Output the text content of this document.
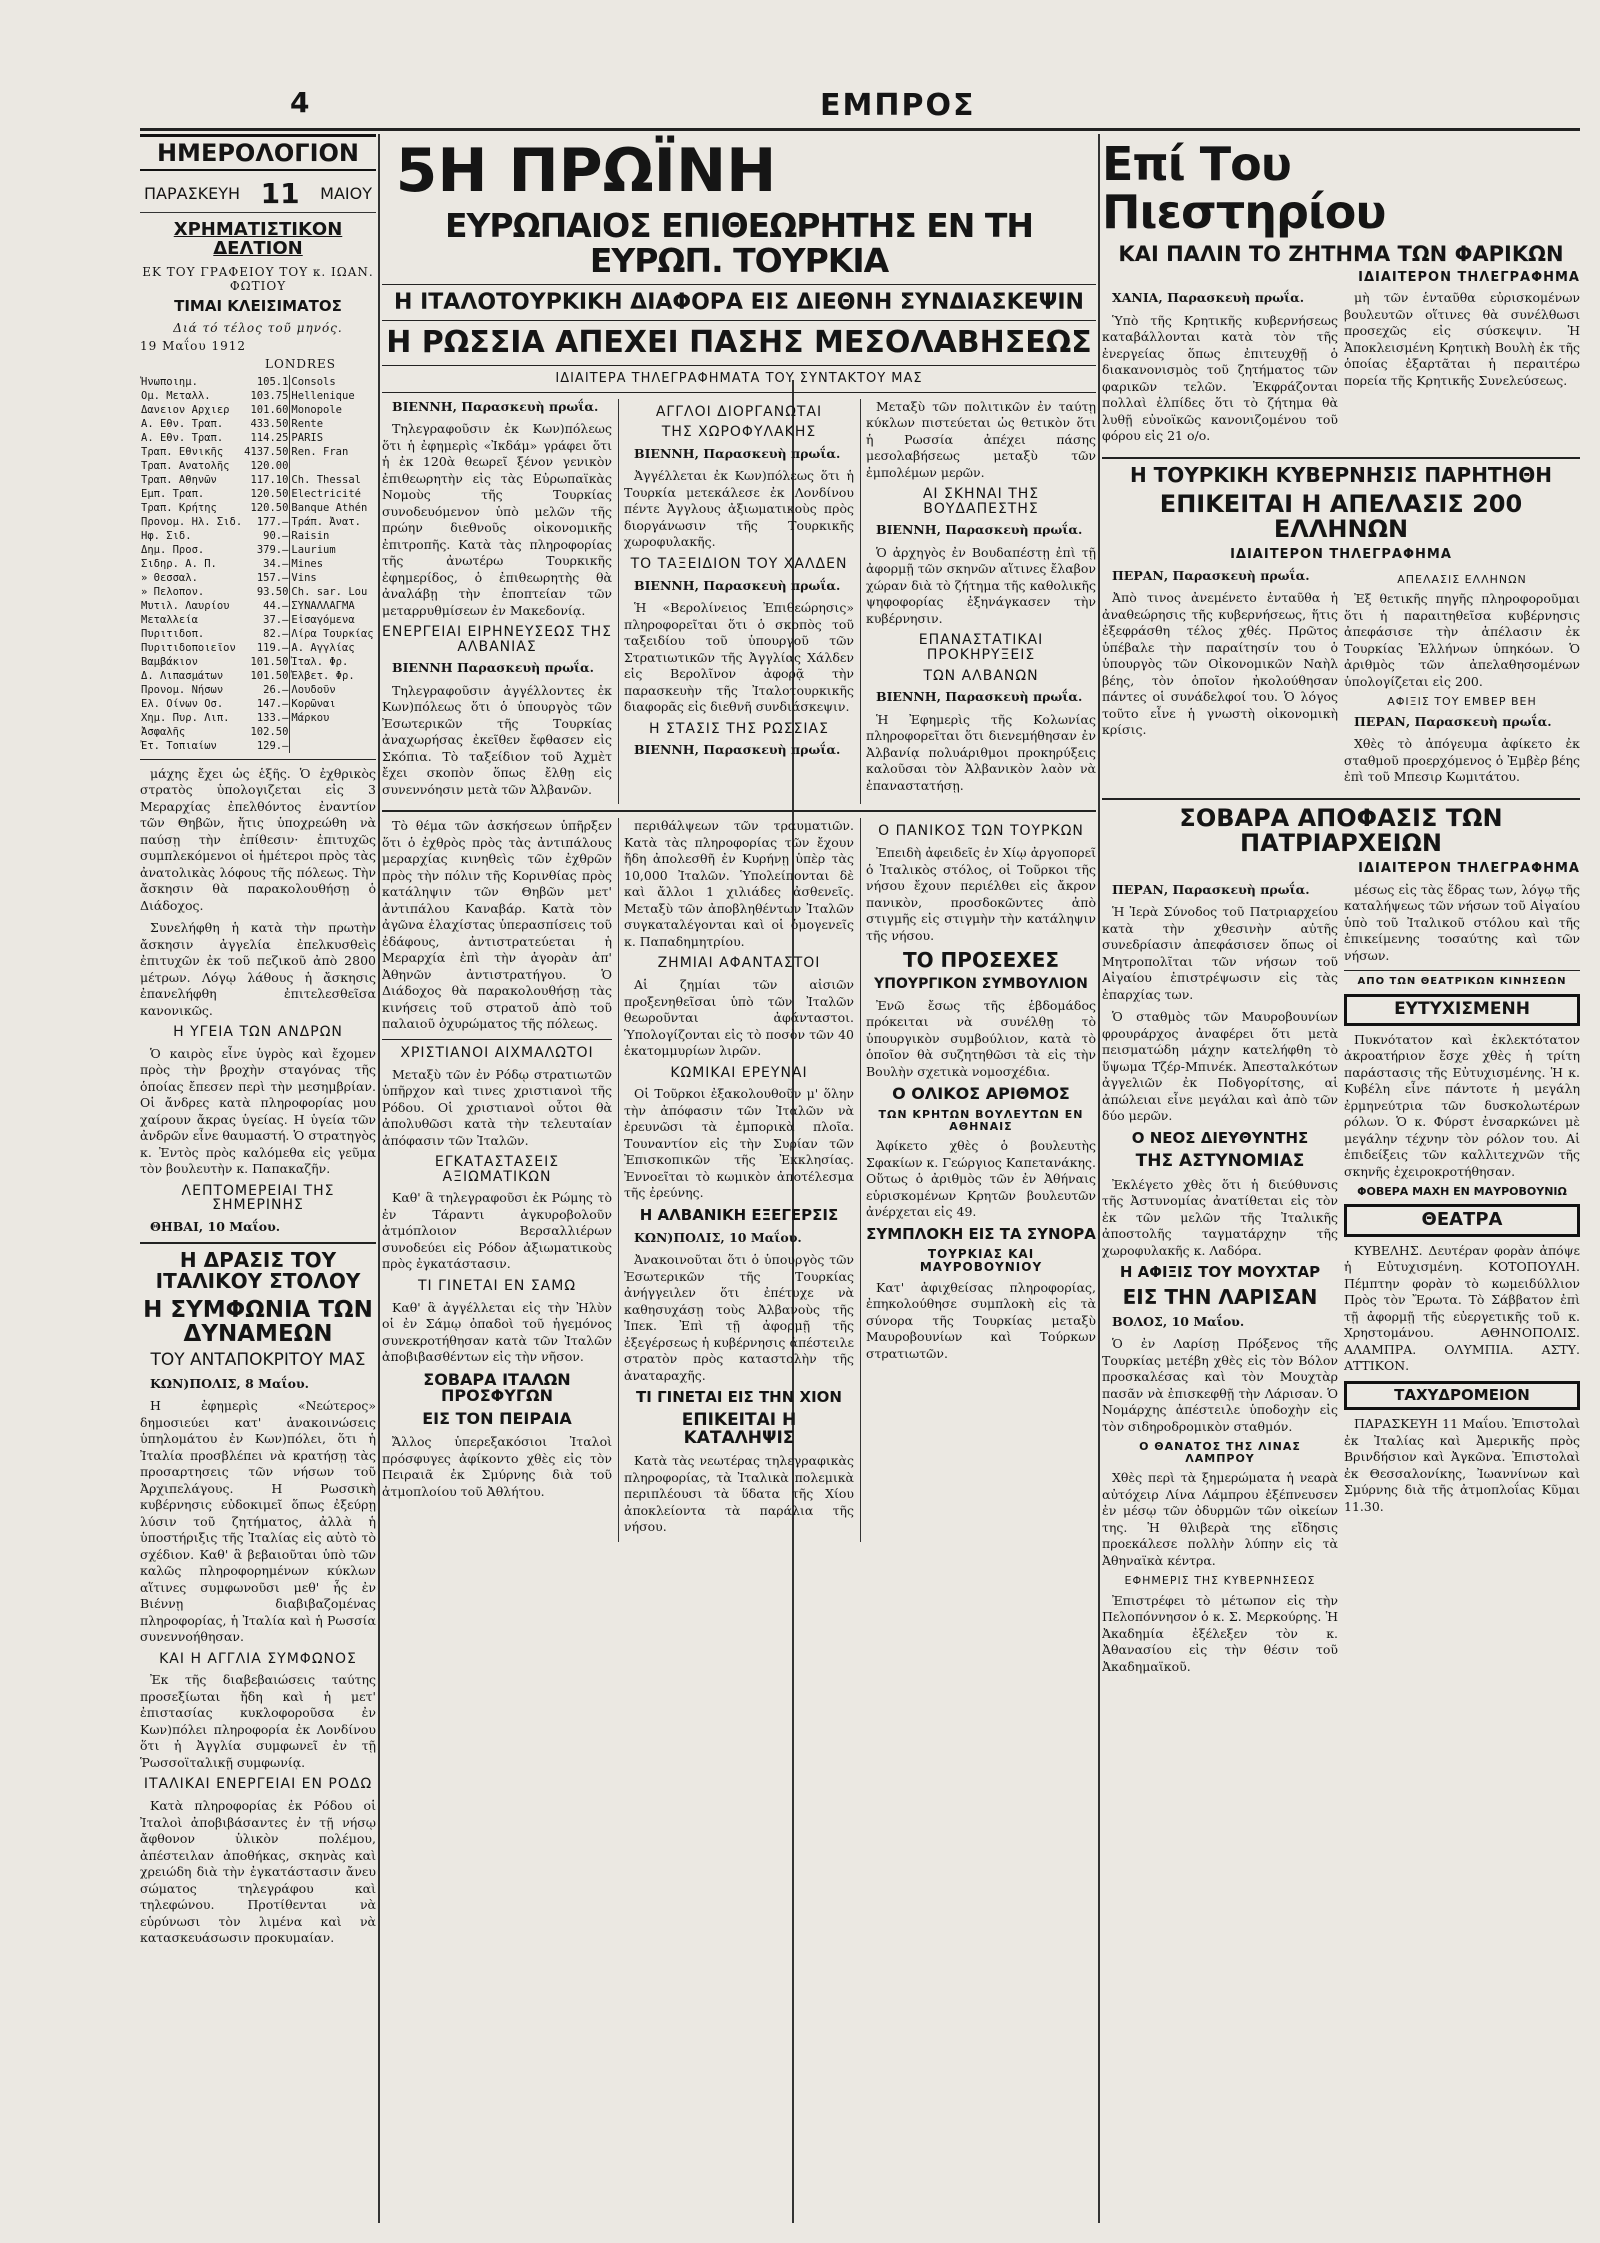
4	ΕΜΠΡΟΣ
ΗΜΕΡΟΛΟΓΙΟΝ
ΠΑΡΑΣΚΕΥΗ 11 ΜΑΙΟΥ
ΧΡΗΜΑΤΙΣΤΙΚΟΝ ΔΕΛΤΙΟΝ
ΕΚ ΤΟΥ ΓΡΑΦΕΙΟΥ ΤΟΥ κ. ΙΩΑΝ. ΦΩΤΙΟΥ
ΤΙΜΑΙ ΚΛΕΙΣΙΜΑΤΟΣ
Διά τό τέλος τοῦ μηνός.
19 Μαΐου 1912
LONDRES
Ἡνωποιημ.	105.1		Consols	
Ομ. Μεταλλ.	103.75		Hellenique	
Δανειον Αρχιερ	101.60		Monopole	
Α. Εθν. Τραπ.	433.50		Rente	
Α. Εθν. Τραπ.	114.25		PARIS	
Τραπ. Εθνικῆς	4137.50		Ren. Fran	
Τραπ. Ανατολῆς	120.00			
Τραπ. Αθηνῶν	117.10		Ch. Thessal	
Εμπ. Τραπ.	120.50		Electricité	
Τραπ. Κρήτης	120.50		Banque Athén	
Προνομ. Ηλ. Σιδ.	177.—		Τράπ. Ἀνατ.	
Ηφ. Σιδ.	90.—		Raisin	
Δημ. Προσ.	379.—		Laurium	
Σιδηρ. Α. Π.	34.—		Mines	
» Θεσσαλ.	157.—		Vins	
» Πελοπον.	93.50		Ch. sar. Lou	
Μυτιλ. Λαυρίου	44.—		ΣΥΝΑΛΛΑΓΜΑ	
Μεταλλεία	37.—		Εἰσαγόμενα	
Πυριτιδοπ.	82.—		Λίρα Τουρκίας	
Πυριτιδοποιεῖον	119.—		Α. Αγγλίας	
Βαμβάκιον	101.50		Ἰταλ. Φρ.	
Δ. Λιπασμάτων	101.50		Ἐλβετ. Φρ.	
Προνομ. Νήσων	26.—		Λουδοῦν	
Ελ. Οίνων Οσ.	147.—		Κορῶναι	
Χημ. Πυρ. Λιπ.	133.—		Μάρκου	
Ἀσφαλῆς	102.50			
Ἐτ. Τοπιαίων	129.—			

μάχης ἔχει ὡς ἑξῆς. Ὁ ἐχθρικὸς στρατὸς ὑπολογιζεται εἰς 3 Μεραρχίας ἐπελθόντος ἐναντίον τῶν Θηβῶν, ἤτις ὑποχρεώθη νὰ παύσῃ τὴν ἐπίθεσιν· ἐπιτυχῶς συμπλεκόμενοι οἱ ἡμέτεροι πρὸς τὰς ἀνατολικὰς λόφους τῆς πόλεως. Τὴν ἄσκησιν θὰ παρακολουθήσῃ ὁ Διάδοχος.

Συνελήφθη ἡ κατὰ τὴν πρωτὴν ἄσκησιν ἀγγελία ἐπελκυσθεὶς ἐπιτυχῶν ἐκ τοῦ πεζικοῦ ἀπὸ 2800 μέτρων. Λόγῳ λάθους ἡ ἄσκησις ἐπανελήφθη ἐπιτελεσθεῖσα κανονικῶς.

Η ΥΓΕΙΑ ΤΩΝ ΑΝΔΡΩΝ

Ὁ καιρὸς εἶνε ὑγρὸς καὶ ἔχομεν πρὸς τὴν βροχὴν σταγόνας τῆς ὁποίας ἔπεσεν περὶ τὴν μεσημβρίαν. Οἱ ἄνδρες κατὰ πληροφορίας μου χαίρουν ἄκρας ὑγείας. Η ὑγεία τῶν ἀνδρῶν εἶνε θαυμαστή. Ὁ στρατηγὸς κ. Ἐντὸς πρὸς καλόμεθα εἰς γεῦμα τὸν βουλευτὴν κ. Παπακαζῆν.

ΛΕΠΤΟΜΕΡΕΙΑΙ ΤΗΣ ΣΗΜΕΡΙΝΗΣ

ΘΗΒΑΙ, 10 Μαΐου.

Η ΔΡΑΣΙΣ ΤΟΥ ΙΤΑΛΙΚΟΥ ΣΤΟΛΟΥ
Η ΣΥΜΦΩΝΙΑ ΤΩΝ ΔΥΝΑΜΕΩΝ
ΤΟΥ ΑΝΤΑΠΟΚΡΙΤΟΥ ΜΑΣ

ΚΩΝ)ΠΟΛΙΣ, 8 Μαΐου.

Η ἐφημερὶς «Νεώτερος» δημοσιεύει κατ' ἀνακοινώσεις ὑπηλομάτου ἐν Κων)πόλει, ὅτι ἡ Ἰταλία προσβλέπει νὰ κρατήσῃ τὰς προσαρτησεις τῶν νήσων τοῦ Ἀρχιπελάγους. Η Ρωσσικὴ κυβέρνησις εὐδοκιμεῖ ὅπως ἐξεύρῃ λύσιν τοῦ ζητήματος, ἀλλὰ ἡ ὑποστήριξις τῆς Ἰταλίας εἰς αὐτὸ τὸ σχέδιον. Καθ' ἃ βεβαιοῦται ὑπὸ τῶν καλῶς πληροφορημένων κύκλων αἵτινες συμφωνοῦσι μεθ' ἧς ἐν Βιέννῃ διαβιβαζομένας πληροφορίας, ἡ Ἰταλία καὶ ἡ Ρωσσία συνεννοήθησαν.

ΚΑΙ Η ΑΓΓΛΙΑ ΣΥΜΦΩΝΟΣ

Ἐκ τῆς διαβεβαιώσεις ταύτης προσεξίωται ἤδη καὶ ἡ μετ' ἐπιστασίας κυκλοφοροῦσα ἐν Κων)πόλει πληροφορία ἐκ Λονδίνου ὅτι ἡ Ἀγγλία συμφωνεῖ ἐν τῇ Ῥωσσοϊταλικῇ συμφωνίᾳ.

ΙΤΑΛΙΚΑΙ ΕΝΕΡΓΕΙΑΙ ΕΝ ΡΟΔΩ

Κατὰ πληροφορίας ἐκ Ρόδου οἱ Ἰταλοὶ ἀποβιβάσαντες ἐν τῇ νήσῳ ἄφθονον ὑλικὸν πολέμου, ἀπέστειλαν ἀποθήκας, σκηνὰς καὶ χρειώδη διὰ τὴν ἐγκατάστασιν ἄνευ σώματος τηλεγράφου καὶ τηλεφώνου. Προτίθενται νὰ εὑρύνωσι τὸν λιμένα καὶ νὰ κατασκευάσωσιν προκυμαίαν.

5Η ΠΡΩΪΝΗ
ΕΥΡΩΠΑΙΟΣ ΕΠΙΘΕΩΡΗΤΗΣ ΕΝ ΤΗ ΕΥΡΩΠ. ΤΟΥΡΚΙΑ
Η ΙΤΑΛΟΤΟΥΡΚΙΚΗ ΔΙΑΦΟΡΑ ΕΙΣ ΔΙΕΘΝΗ ΣΥΝΔΙΑΣΚΕΨΙΝ
Η ΡΩΣΣΙΑ ΑΠΕΧΕΙ ΠΑΣΗΣ ΜΕΣΟΛΑΒΗΣΕΩΣ
ΙΔΙΑΙΤΕΡΑ ΤΗΛΕΓΡΑΦΗΜΑΤΑ ΤΟΥ ΣΥΝΤΑΚΤΟΥ ΜΑΣ

ΒΙΕΝΝΗ, Παρασκευὴ πρωΐα.

Τηλεγραφοῦσιν ἐκ Κων)πόλεως ὅτι ἡ ἐφημερὶς «Ἰκδάμ» γράφει ὅτι ἡ ἐκ 120ὰ θεωρεῖ ξένον γενικὸν ἐπιθεωρητὴν εἰς τὰς Εὐρωπαϊκὰς Νομοὺς τῆς Τουρκίας συνοδευόμενον ὑπὸ μελῶν τῆς πρώην διεθνοῦς οἰκονομικῆς ἐπιτροπῆς. Κατὰ τὰς πληροφορίας τῆς ἀνωτέρω Τουρκικῆς ἐφημερίδος, ὁ ἐπιθεωρητὴς θὰ ἀναλάβῃ τὴν ἐποπτείαν τῶν μεταρρυθμίσεων ἐν Μακεδονίᾳ.

ΕΝΕΡΓΕΙΑΙ ΕΙΡΗΝΕΥΣΕΩΣ ΤΗΣ ΑΛΒΑΝΙΑΣ

ΒΙΕΝΝΗ Παρασκευὴ πρωΐα.

Τηλεγραφοῦσιν ἀγγέλλοντες ἐκ Κων)πόλεως ὅτι ὁ ὑπουργὸς τῶν Ἐσωτερικῶν τῆς Τουρκίας ἀναχωρήσας ἐκεῖθεν ἔφθασεν εἰς Σκόπια. Τὸ ταξείδιον τοῦ Ἀχμὲτ ἔχει σκοπὸν ὅπως ἔλθῃ εἰς συνεννόησιν μετὰ τῶν Ἀλβανῶν.

ΑΓΓΛΟΙ ΔΙΟΡΓΑΝΩΤΑΙ
ΤΗΣ ΧΩΡΟΦΥΛΑΚΗΣ

ΒΙΕΝΝΗ, Παρασκευὴ πρωΐα.

Ἀγγέλλεται ἐκ Κων)πόλεως ὅτι ἡ Τουρκία μετεκάλεσε ἐκ Λονδίνου πέντε Ἀγγλους ἀξιωματικοὺς πρὸς διοργάνωσιν τῆς Τουρκικῆς χωροφυλακῆς.

ΤΟ ΤΑΞΕΙΔΙΟΝ ΤΟΥ ΧΑΛΔΕΝ

ΒΙΕΝΝΗ, Παρασκευὴ πρωΐα.

Ἡ «Βερολίνειος Ἐπιθεώρησις» πληροφορεῖται ὅτι ὁ σκοπὸς τοῦ ταξειδίου τοῦ ὑπουργοῦ τῶν Στρατιωτικῶν τῆς Ἀγγλίας Χάλδεν εἰς Βερολῖνον ἀφορᾷ τὴν παρασκευὴν τῆς Ἰταλοτουρκικῆς διαφορᾶς εἰς διεθνῆ συνδιάσκεψιν.

Η ΣΤΑΣΙΣ ΤΗΣ ΡΩΣΣΙΑΣ

ΒΙΕΝΝΗ, Παρασκευὴ πρωΐα.

Μεταξὺ τῶν πολιτικῶν ἐν ταύτῃ κύκλων πιστεύεται ὡς θετικὸν ὅτι ἡ Ρωσσία ἀπέχει πάσης μεσολαβήσεως μεταξὺ τῶν ἐμπολέμων μερῶν.

ΑΙ ΣΚΗΝΑΙ ΤΗΣ ΒΟΥΔΑΠΕΣΤΗΣ

ΒΙΕΝΝΗ, Παρασκευὴ πρωΐα.

Ὁ ἀρχηγὸς ἐν Βουδαπέστῃ ἐπὶ τῇ ἀφορμῇ τῶν σκηνῶν αἵτινες ἔλαβον χώραν διὰ τὸ ζήτημα τῆς καθολικῆς ψηφοφορίας ἐξηνάγκασεν τὴν κυβέρνησιν.

ΕΠΑΝΑΣΤΑΤΙΚΑΙ ΠΡΟΚΗΡΥΞΕΙΣ
ΤΩΝ ΑΛΒΑΝΩΝ

ΒΙΕΝΝΗ, Παρασκευὴ πρωΐα.

Ἡ Ἐφημερὶς τῆς Κολωνίας πληροφορεῖται ὅτι διενεμήθησαν ἐν Ἀλβανίᾳ πολυάριθμοι προκηρύξεις καλοῦσαι τὸν Ἀλβανικὸν λαὸν νὰ ἐπαναστατήσῃ.

Τὸ θέμα τῶν ἀσκήσεων ὑπῆρξεν ὅτι ὁ ἐχθρὸς πρὸς τὰς ἀντιπάλους μεραρχίας κινηθεὶς τῶν ἐχθρῶν πρὸς τὴν πόλιν τῆς Κορινθίας πρὸς κατάληψιν τῶν Θηβῶν μετ' ἀντιπάλου Καναβάρ. Κατὰ τὸν ἀγῶνα ἐλαχίστας ὑπερασπίσεις τοῦ ἐδάφους, ἀντιστρατεύεται ἡ Μεραρχία ἐπὶ τὴν ἀγορὰν ἀπ' Ἀθηνῶν ἀντιστρατήγου. Ὁ Διάδοχος θὰ παρακολουθήσῃ τὰς κινήσεις τοῦ στρατοῦ ἀπὸ τοῦ παλαιοῦ ὀχυρώματος τῆς πόλεως.

ΧΡΙΣΤΙΑΝΟΙ ΑΙΧΜΑΛΩΤΟΙ

Μεταξὺ τῶν ἐν Ρόδῳ στρατιωτῶν ὑπῆρχον καὶ τινες χριστιανοὶ τῆς Ρόδου. Οἱ χριστιανοὶ οὗτοι θὰ ἀπολυθῶσι κατὰ τὴν τελευταίαν ἀπόφασιν τῶν Ἰταλῶν.

ΕΓΚΑΤΑΣΤΑΣΕΙΣ ΑΞΙΩΜΑΤΙΚΩΝ

Καθ' ἃ τηλεγραφοῦσι ἐκ Ρώμης τὸ ἐν Τάραντι ἀγκυροβολοῦν ἀτμόπλοιον Βερσαλλιέρων συνοδεύει εἰς Ρόδον ἀξιωματικοὺς πρὸς ἐγκατάστασιν.

ΤΙ ΓΙΝΕΤΑΙ ΕΝ ΣΑΜΩ

Καθ' ἃ ἀγγέλλεται εἰς τὴν Ἠλὺν οἱ ἐν Σάμῳ ὀπαδοὶ τοῦ ἡγεμόνος συνεκροτήθησαν κατὰ τῶν Ἰταλῶν ἀποβιβασθέντων εἰς τὴν νῆσον.

ΣΟΒΑΡΑ ΙΤΑΛΩΝ ΠΡΟΣΦΥΓΩΝ
ΕΙΣ ΤΟΝ ΠΕΙΡΑΙΑ

Ἄλλος ὑπερεξακόσιοι Ἰταλοὶ πρόσφυγες ἀφίκοντο χθὲς εἰς τὸν Πειραιᾶ ἐκ Σμύρνης διὰ τοῦ ἀτμοπλοίου τοῦ Ἀθλήτου.

περιθάλψεων τῶν τραυματιῶν. Κατὰ τὰς πληροφορίας τῶν ἔχουν ἤδη ἀπολεσθῆ ἐν Κυρήνῃ ὑπὲρ τὰς 10,000 Ἰταλῶν. Ὑπολείπονται δὲ καὶ ἄλλοι 1 χιλιάδες ἀσθενεῖς. Μεταξὺ τῶν ἀποβληθέντων Ἰταλῶν συγκαταλέγονται καὶ οἱ ὁμογενεῖς κ. Παπαδημητρίου.

ΖΗΜΙΑΙ ΑΦΑΝΤΑΣΤΟΙ

Αἱ ζημίαι τῶν αἰσιῶν προξενηθεῖσαι ὑπὸ τῶν Ἰταλῶν θεωροῦνται ἀφάνταστοι. Ὑπολογίζονται εἰς τὸ ποσὸν τῶν 40 ἑκατομμυρίων λιρῶν.

ΚΩΜΙΚΑΙ ΕΡΕΥΝΑΙ

Οἱ Τοῦρκοι ἐξακολουθοῦν μ' ὅλην τὴν ἀπόφασιν τῶν Ἰταλῶν νὰ ἐρευνῶσι τὰ ἐμπορικὰ πλοῖα. Τουναντίον εἰς τὴν Συρίαν τῶν Ἐπισκοπικῶν τῆς Ἐκκλησίας. Ἐννοεῖται τὸ κωμικὸν ἀποτέλεσμα τῆς ἐρεύνης.

Η ΑΛΒΑΝΙΚΗ ΕΞΕΓΕΡΣΙΣ

ΚΩΝ)ΠΟΛΙΣ, 10 Μαΐου.

Ἀνακοινοῦται ὅτι ὁ ὑπουργὸς τῶν Ἐσωτερικῶν τῆς Τουρκίας ἀνήγγειλεν ὅτι ἐπέτυχε νὰ καθησυχάσῃ τοὺς Ἀλβανοὺς τῆς Ἰπεκ. Ἐπὶ τῇ ἀφορμῇ τῆς ἐξεγέρσεως ἡ κυβέρνησις ἀπέστειλε στρατὸν πρὸς καταστολὴν τῆς ἀναταραχῆς.

ΤΙ ΓΙΝΕΤΑΙ ΕΙΣ ΤΗΝ ΧΙΟΝ
ΕΠΙΚΕΙΤΑΙ Η ΚΑΤΑΛΗΨΙΣ

Κατὰ τὰς νεωτέρας τηλεγραφικὰς πληροφορίας, τὰ Ἰταλικὰ πολεμικὰ περιπλέουσι τὰ ὕδατα τῆς Χίου ἀποκλείοντα τὰ παράλια τῆς νήσου.

Ο ΠΑΝΙΚΟΣ ΤΩΝ ΤΟΥΡΚΩΝ

Ἐπειδὴ ἀφειδεῖς ἐν Χίῳ ἀργοπορεῖ ὁ Ἰταλικὸς στόλος, οἱ Τοῦρκοι τῆς νήσου ἔχουν περιέλθει εἰς ἄκρον πανικὸν, προσδοκῶντες ἀπὸ στιγμῆς εἰς στιγμὴν τὴν κατάληψιν τῆς νήσου.

ΤΟ ΠΡΟΣΕΧΕΣ
ΥΠΟΥΡΓΙΚΟΝ ΣΥΜΒΟΥΛΙΟΝ

Ἐνῶ ἔσως τῆς ἑβδομάδος πρόκειται νὰ συνέλθῃ τὸ ὑπουργικὸν συμβούλιον, κατὰ τὸ ὁποῖον θὰ συζητηθῶσι τὰ εἰς τὴν Βουλὴν σχετικὰ νομοσχέδια.

Ο ΟΛΙΚΟΣ ΑΡΙΘΜΟΣ
ΤΩΝ ΚΡΗΤΩΝ ΒΟΥΛΕΥΤΩΝ ΕΝ ΑΘΗΝΑΙΣ

Ἀφίκετο χθὲς ὁ βουλευτὴς Σφακίων κ. Γεώργιος Καπετανάκης. Οὕτως ὁ ἀριθμὸς τῶν ἐν Ἀθήναις εὑρισκομένων Κρητῶν βουλευτῶν ἀνέρχεται εἰς 49.

ΣΥΜΠΛΟΚΗ ΕΙΣ ΤΑ ΣΥΝΟΡΑ
ΤΟΥΡΚΙΑΣ ΚΑΙ ΜΑΥΡΟΒΟΥΝΙΟΥ

Κατ' ἀφιχθείσας πληροφορίας, ἐπηκολούθησε συμπλοκὴ εἰς τὰ σύνορα τῆς Τουρκίας μεταξὺ Μαυροβουνίων καὶ Τούρκων στρατιωτῶν.

Επί Του Πιεστηρίου
ΚΑΙ ΠΑΛΙΝ ΤΟ ΖΗΤΗΜΑ ΤΩΝ ΦΑΡΙΚΩΝ
ΙΔΙΑΙΤΕΡΟΝ ΤΗΛΕΓΡΑΦΗΜΑ

ΧΑΝΙΑ, Παρασκευὴ πρωΐα.

Ὑπὸ τῆς Κρητικῆς κυβερνήσεως καταβάλλονται κατὰ τὸν τῆς ἐνεργείας ὅπως ἐπιτευχθῇ ὁ διακανονισμὸς τοῦ ζητήματος τῶν φαρικῶν τελῶν. Ἐκφράζονται πολλαὶ ἐλπίδες ὅτι τὸ ζήτημα θὰ λυθῇ εὐνοϊκῶς κανονιζομένου τοῦ φόρου εἰς 21 ο/ο.

μὴ τῶν ἑνταῦθα εὐρισκομένων βουλευτῶν οἵτινες θὰ συνέλθωσι προσεχῶς εἰς σύσκεψιν. Ἡ Ἀποκλεισμένη Κρητικὴ Βουλὴ ἐκ τῆς ὁποίας ἐξαρτᾶται ἡ περαιτέρω πορεία τῆς Κρητικῆς Συνελεύσεως.

Η ΤΟΥΡΚΙΚΗ ΚΥΒΕΡΝΗΣΙΣ ΠΑΡΗΤΗΘΗ
ΕΠΙΚΕΙΤΑΙ Η ΑΠΕΛΑΣΙΣ 200 ΕΛΛΗΝΩΝ
ΙΔΙΑΙΤΕΡΟΝ ΤΗΛΕΓΡΑΦΗΜΑ

ΠΕΡΑΝ, Παρασκευὴ πρωΐα.

Ἀπὸ τινος ἀνεμένετο ἐνταῦθα ἡ ἀναθεώρησις τῆς κυβερνήσεως, ἥτις ἐξεφράσθη τέλος χθές. Πρῶτος ὑπέβαλε τὴν παραίτησίν του ὁ ὑπουργὸς τῶν Οἰκονομικῶν Ναὴλ βέης, τὸν ὁποῖον ἠκολούθησαν πάντες οἱ συνάδελφοί του. Ὁ λόγος τοῦτο εἶνε ἡ γνωστὴ οἰκονομικὴ κρίσις.

ΑΠΕΛΑΣΙΣ ΕΛΛΗΝΩΝ

Ἐξ θετικῆς πηγῆς πληροφοροῦμαι ὅτι ἡ παραιτηθεῖσα κυβέρνησις ἀπεφάσισε τὴν ἀπέλασιν ἐκ Τουρκίας Ἑλλήνων ὑπηκόων. Ὁ ἀριθμὸς τῶν ἀπελαθησομένων ὑπολογίζεται εἰς 200.

ΑΦΙΞΙΣ ΤΟΥ ΕΜΒΕΡ ΒΕΗ

ΠΕΡΑΝ, Παρασκευὴ πρωΐα.

Χθὲς τὸ ἀπόγευμα ἀφίκετο ἐκ σταθμοῦ προερχόμενος ὁ Ἐμβὲρ βέης ἐπὶ τοῦ Μπεσιρ Κωμιτάτου.

ΣΟΒΑΡΑ ΑΠΟΦΑΣΙΣ ΤΩΝ ΠΑΤΡΙΑΡΧΕΙΩΝ
ΙΔΙΑΙΤΕΡΟΝ ΤΗΛΕΓΡΑΦΗΜΑ

ΠΕΡΑΝ, Παρασκευὴ πρωΐα.

Ἡ Ἱερὰ Σύνοδος τοῦ Πατριαρχείου κατὰ τὴν χθεσινὴν αὐτῆς συνεδρίασιν ἀπεφάσισεν ὅπως οἱ Μητροπολῖται τῶν νήσων τοῦ Αἰγαίου ἐπιστρέψωσιν εἰς τὰς ἐπαρχίας των.

Ὁ σταθμὸς τῶν Μαυροβουνίων φρουράρχος ἀναφέρει ὅτι μετὰ πεισματώδη μάχην κατελήφθη τὸ ὕψωμα Τζέρ-Μπινέκ. Ἀπεσταλκότων ἀγγελιῶν ἐκ Ποδγορίτσης, αἱ ἀπώλειαι εἶνε μεγάλαι καὶ ἀπὸ τῶν δύο μερῶν.

Ο ΝΕΟΣ ΔΙΕΥΘΥΝΤΗΣ
ΤΗΣ ΑΣΤΥΝΟΜΙΑΣ

Ἐκλέγετο χθὲς ὅτι ἡ διεύθυνσις τῆς Ἀστυνομίας ἀνατίθεται εἰς τὸν ἐκ τῶν μελῶν τῆς Ἰταλικῆς ἀποστολῆς ταγματάρχην τῆς χωροφυλακῆς κ. Λαδόρα.

Η ΑΦΙΞΙΣ ΤΟΥ ΜΟΥΧΤΑΡ
ΕΙΣ ΤΗΝ ΛΑΡΙΣΑΝ

ΒΟΛΟΣ, 10 Μαΐου.

Ὁ ἐν Λαρίσῃ Πρόξενος τῆς Τουρκίας μετέβη χθὲς εἰς τὸν Βόλον προσκαλέσας καὶ τὸν Μουχτὰρ πασᾶν νὰ ἐπισκεφθῇ τὴν Λάρισαν. Ὁ Νομάρχης ἀπέστειλε ὑποδοχὴν εἰς τὸν σιδηροδρομικὸν σταθμόν.

Ο ΘΑΝΑΤΟΣ ΤΗΣ ΛΙΝΑΣ ΛΑΜΠΡΟΥ

Χθὲς περὶ τὰ ξημερώματα ἡ νεαρὰ αὐτόχειρ Λίνα Λάμπρου ἐξέπνευσεν ἐν μέσῳ τῶν ὀδυρμῶν τῶν οἰκείων της. Ἡ θλιβερὰ της εἴδησις προεκάλεσε πολλὴν λύπην εἰς τὰ Ἀθηναϊκὰ κέντρα.

ΕΦΗΜΕΡΙΣ ΤΗΣ ΚΥΒΕΡΝΗΣΕΩΣ

Ἐπιστρέφει τὸ μέτωπον εἰς τὴν Πελοπόννησον ὁ κ. Σ. Μερκούρης. Ἡ Ἀκαδημία ἐξέλεξεν τὸν κ. Ἀθανασίου εἰς τὴν θέσιν τοῦ Ἀκαδημαϊκοῦ.

μέσως εἰς τὰς ἕδρας των, λόγῳ τῆς καταλήψεως τῶν νήσων τοῦ Αἰγαίου ὑπὸ τοῦ Ἰταλικοῦ στόλου καὶ τῆς ἐπικείμενης τοσαύτης καὶ τῶν νήσων.

ΑΠΟ ΤΩΝ ΘΕΑΤΡΙΚΩΝ ΚΙΝΗΣΕΩΝ
ΕΥΤΥΧΙΣΜΕΝΗ

Πυκνότατον καὶ ἐκλεκτότατον ἀκροατήριον ἔσχε χθὲς ἡ τρίτη παράστασις τῆς Εὐτυχισμένης. Ἡ κ. Κυβέλη εἶνε πάντοτε ἡ μεγάλη ἐρμηνεύτρια τῶν δυσκολωτέρων ρόλων. Ὁ κ. Φύρστ ἐνσαρκώνει μὲ μεγάλην τέχνην τὸν ρόλον του. Αἱ ἐπιδείξεις τῶν καλλιτεχνῶν τῆς σκηνῆς ἐχειροκροτήθησαν.

ΦΟΒΕΡΑ ΜΑΧΗ ΕΝ ΜΑΥΡΟΒΟΥΝΙΩ
ΘΕΑΤΡΑ

ΚΥΒΕΛΗΣ. Δευτέραν φορὰν ἀπόψε ἡ Εὐτυχισμένη. ΚΟΤΟΠΟΥΛΗ. Πέμπτην φορὰν τὸ κωμειδύλλιον Πρὸς τὸν Ἔρωτα. Τὸ Σάββατον ἐπὶ τῇ ἀφορμῇ τῆς εὐεργετικῆς τοῦ κ. Χρηστομάνου. ΑΘΗΝΟΠΟΛΙΣ. ΑΛΑΜΠΡΑ. ΟΛΥΜΠΙΑ. ΑΣΤΥ. ΑΤΤΙΚΟΝ.

ΤΑΧΥΔΡΟΜΕΙΟΝ

ΠΑΡΑΣΚΕΥΗ 11 Μαΐου. Ἐπιστολαὶ ἐκ Ἰταλίας καὶ Ἀμερικῆς πρὸς Βρινδήσιον καὶ Ἀγκῶνα. Ἐπιστολαὶ ἐκ Θεσσαλονίκης, Ἰωαννίνων καὶ Σμύρνης διὰ τῆς ἀτμοπλοΐας Κῦμαι 11.30.
